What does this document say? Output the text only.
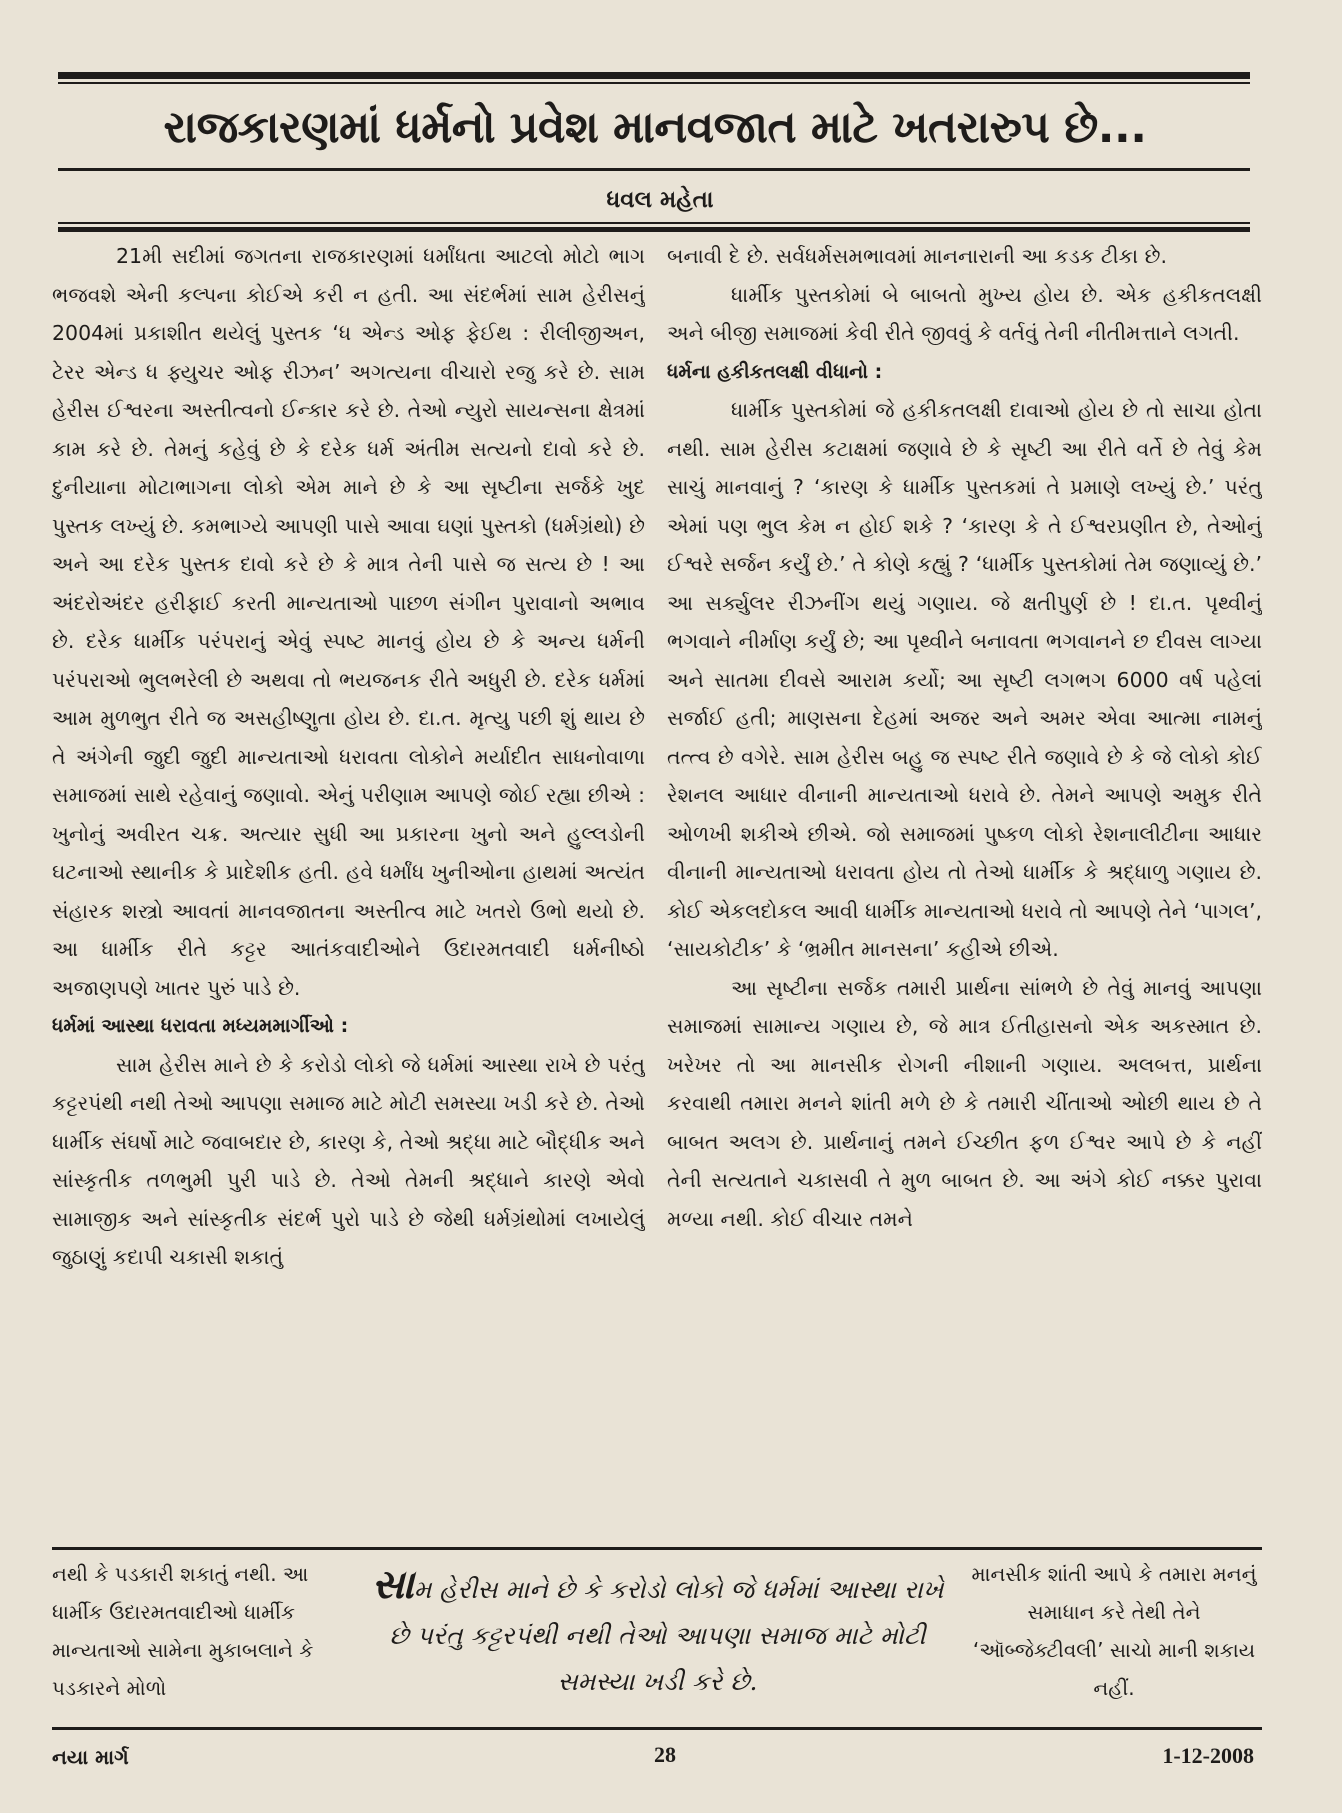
રાજકારણમાં ધર્મનો પ્રવેશ માનવજાત માટે ખતરારુપ છે...
ધવલ મહેતા

21મી સદીમાં જગતના રાજકારણમાં ધર્માંધતા આટલો મોટો ભાગ ભજવશે એની કલ્પના કોઈએ કરી ન હતી. આ સંદર્ભમાં સામ હેરીસનું 2004માં પ્રકાશીત થયેલું પુસ્તક ‘ધ એન્ડ ઓફ ફેઈથ : રીલીજીઅન, ટેરર એન્ડ ધ ફ્યુચર ઓફ રીઝન’ અગત્યના વીચારો રજુ કરે છે. સામ હેરીસ ઈશ્વરના અસ્તીત્વનો ઈન્કાર કરે છે. તેઓ ન્યુરો સાયન્સના ક્ષેત્રમાં કામ કરે છે. તેમનું કહેવું છે કે દરેક ધર્મ અંતીમ સત્યનો દાવો કરે છે. દુનીયાના મોટાભાગના લોકો એમ માને છે કે આ સૃષ્ટીના સર્જકે ખુદ પુસ્તક લખ્યું છે. કમભાગ્યે આપણી પાસે આવા ઘણાં પુસ્તકો (ધર્મગ્રંથો) છે અને આ દરેક પુસ્તક દાવો કરે છે કે માત્ર તેની પાસે જ સત્ય છે ! આ અંદરોઅંદર હરીફાઈ કરતી માન્યતાઓ પાછળ સંગીન પુરાવાનો અભાવ છે. દરેક ધાર્મીક પરંપરાનું એવું સ્પષ્ટ માનવું હોય છે કે અન્ય ધર્મની પરંપરાઓ ભુલભરેલી છે અથવા તો ભયજનક રીતે અધુરી છે. દરેક ધર્મમાં આમ મુળભુત રીતે જ અસહીષ્ણુતા હોય છે. દા.ત. મૃત્યુ પછી શું થાય છે તે અંગેની જુદી જુદી માન્યતાઓ ધરાવતા લોકોને મર્યાદીત સાધનોવાળા સમાજમાં સાથે રહેવાનું જણાવો. એનું પરીણામ આપણે જોઈ રહ્યા છીએ : ખુનોનું અવીરત ચક્ર. અત્યાર સુધી આ પ્રકારના ખુનો અને હુલ્લડોની ઘટનાઓ સ્થાનીક કે પ્રાદેશીક હતી. હવે ધર્માંધ ખુનીઓના હાથમાં અત્યંત સંહારક શસ્ત્રો આવતાં માનવજાતના અસ્તીત્વ માટે ખતરો ઉભો થયો છે. આ ધાર્મીક રીતે કટ્ટર આતંકવાદીઓને ઉદારમતવાદી ધર્મનીષ્ઠો અજાણપણે ખાતર પુરું પાડે છે.

ધર્મમાં આસ્થા ધરાવતા મધ્યમમાર્ગીઓ :

સામ હેરીસ માને છે કે કરોડો લોકો જે ધર્મમાં આસ્થા રાખે છે પરંતુ કટ્ટરપંથી નથી તેઓ આપણા સમાજ માટે મોટી સમસ્યા ખડી કરે છે. તેઓ ધાર્મીક સંઘર્ષો માટે જવાબદાર છે, કારણ કે, તેઓ શ્રદ્ધા માટે બૌદ્ધીક અને સાંસ્કૃતીક તળભુમી પુરી પાડે છે. તેઓ તેમની શ્રદ્ધાને કારણે એવો સામાજીક અને સાંસ્કૃતીક સંદર્ભ પુરો પાડે છે જેથી ધર્મગ્રંથોમાં લખાયેલું જુઠાણું કદાપી ચકાસી શકાતું

બનાવી દે છે. સર્વધર્મસમભાવમાં માનનારાની આ કડક ટીકા છે.

ધાર્મીક પુસ્તકોમાં બે બાબતો મુખ્ય હોય છે. એક હકીકતલક્ષી અને બીજી સમાજમાં કેવી રીતે જીવવું કે વર્તવું તેની નીતીમત્તાને લગતી.

ધર્મના હકીકતલક્ષી વીધાનો :

ધાર્મીક પુસ્તકોમાં જે હકીકતલક્ષી દાવાઓ હોય છે તો સાચા હોતા નથી. સામ હેરીસ કટાક્ષમાં જણાવે છે કે સૃષ્ટી આ રીતે વર્તે છે તેવું કેમ સાચું માનવાનું ? ‘કારણ કે ધાર્મીક પુસ્તકમાં તે પ્રમાણે લખ્યું છે.’ પરંતુ એમાં પણ ભુલ કેમ ન હોઈ શકે ? ‘કારણ કે તે ઈશ્વરપ્રણીત છે, તેઓનું ઈશ્વરે સર્જન કર્યું છે.’ તે કોણે કહ્યું ? ‘ધાર્મીક પુસ્તકોમાં તેમ જણાવ્યું છે.’ આ સર્ક્યુલર રીઝનીંગ થયું ગણાય. જે ક્ષતીપુર્ણ છે ! દા.ત. પૃથ્વીનું ભગવાને નીર્માણ કર્યું છે; આ પૃથ્વીને બનાવતા ભગવાનને છ દીવસ લાગ્યા અને સાતમા દીવસે આરામ કર્યો; આ સૃષ્ટી લગભગ 6000 વર્ષ પહેલાં સર્જાઈ હતી; માણસના દેહમાં અજર અને અમર એવા આત્મા નામનું તત્ત્વ છે વગેરે. સામ હેરીસ બહુ જ સ્પષ્ટ રીતે જણાવે છે કે જે લોકો કોઈ રેશનલ આધાર વીનાની માન્યતાઓ ધરાવે છે. તેમને આપણે અમુક રીતે ઓળખી શકીએ છીએ. જો સમાજમાં પુષ્કળ લોકો રેશનાલીટીના આધાર વીનાની માન્યતાઓ ધરાવતા હોય તો તેઓ ધાર્મીક કે શ્રદ્ધાળુ ગણાય છે. કોઈ એકલદોકલ આવી ધાર્મીક માન્યતાઓ ધરાવે તો આપણે તેને ‘પાગલ’, ‘સાયકોટીક’ કે ‘ભ્રમીત માનસના’ કહીએ છીએ.

આ સૃષ્ટીના સર્જક તમારી પ્રાર્થના સાંભળે છે તેવું માનવું આપણા સમાજમાં સામાન્ય ગણાય છે, જે માત્ર ઈતીહાસનો એક અકસ્માત છે. ખરેખર તો આ માનસીક રોગની નીશાની ગણાય. અલબત્ત, પ્રાર્થના કરવાથી તમારા મનને શાંતી મળે છે કે તમારી ચીંતાઓ ઓછી થાય છે તે બાબત અલગ છે. પ્રાર્થનાનું તમને ઈચ્છીત ફળ ઈશ્વર આપે છે કે નહીં તેની સત્યતાને ચકાસવી તે મુળ બાબત છે. આ અંગે કોઈ નક્કર પુરાવા મળ્યા નથી. કોઈ વીચાર તમને

નથી કે પડકારી શકાતું નથી. આ ધાર્મીક ઉદારમતવાદીઓ ધાર્મીક માન્યતાઓ સામેના મુકાબલાને કે પડકારને મોળો

સામ હેરીસ માને છે કે કરોડો લોકો જે ધર્મમાં આસ્થા રાખે છે પરંતુ કટ્ટરપંથી નથી તેઓ આપણા સમાજ માટે મોટી સમસ્યા ખડી કરે છે.

માનસીક શાંતી આપે કે તમારા મનનું સમાધાન કરે તેથી તેને ‘ઑબ્જેક્ટીવલી’ સાચો માની શકાય નહીં.

નયા માર્ગ	28	1-12-2008
